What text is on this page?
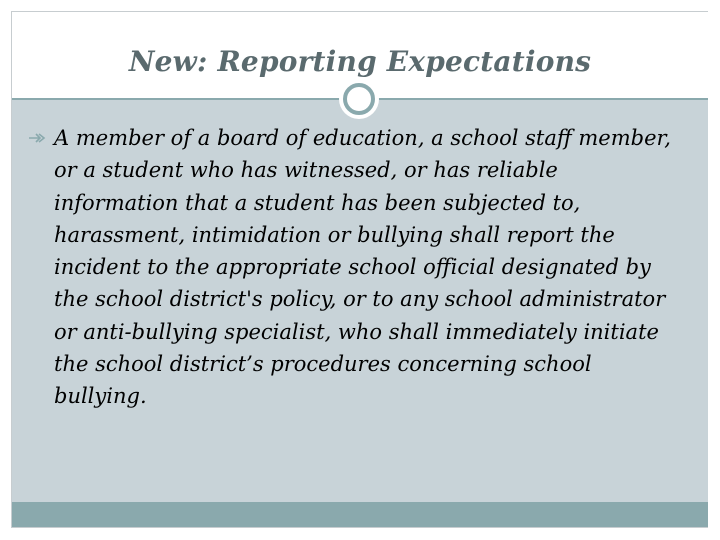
New: Reporting Expectations

A member of a board of education, a school staff member, or a student who has witnessed, or has reliable information that a student has been subjected to, harassment, intimidation or bullying shall report the incident to the appropriate school official designated by the school district's policy, or to any school administrator or anti-bullying specialist, who shall immediately initiate the school district’s procedures concerning school bullying.
